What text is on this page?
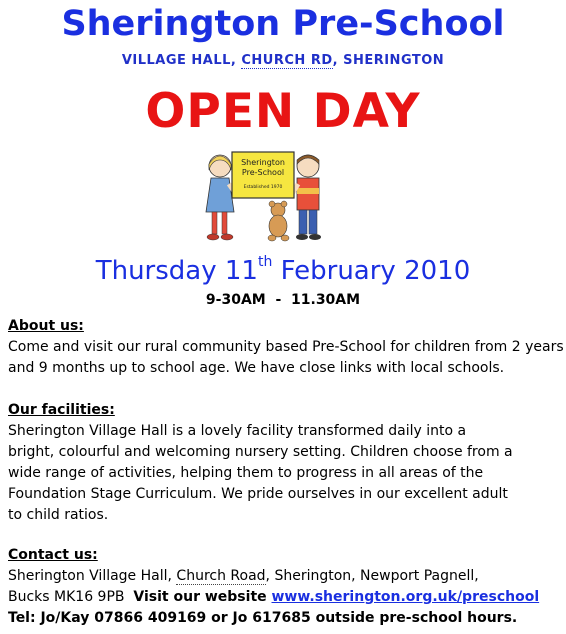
Sherington Pre-School
VILLAGE HALL, CHURCH RD, SHERINGTON
OPEN DAY
Sherington
Pre-School
Established 1970
Thursday 11th February 2010
9-30AM  -  11.30AM
About us:
Come and visit our rural community based Pre-School for children from 2 years
and 9 months up to school age. We have close links with local schools.
Our facilities:
Sherington Village Hall is a lovely facility transformed daily into a
bright, colourful and welcoming nursery setting. Children choose from a
wide range of activities, helping them to progress in all areas of the
Foundation Stage Curriculum. We pride ourselves in our excellent adult
to child ratios.
Contact us:
Sherington Village Hall, Church Road, Sherington, Newport Pagnell,
Bucks MK16 9PB  Visit our website www.sherington.org.uk/preschool
Tel: Jo/Kay 07866 409169 or Jo 617685 outside pre-school hours.
